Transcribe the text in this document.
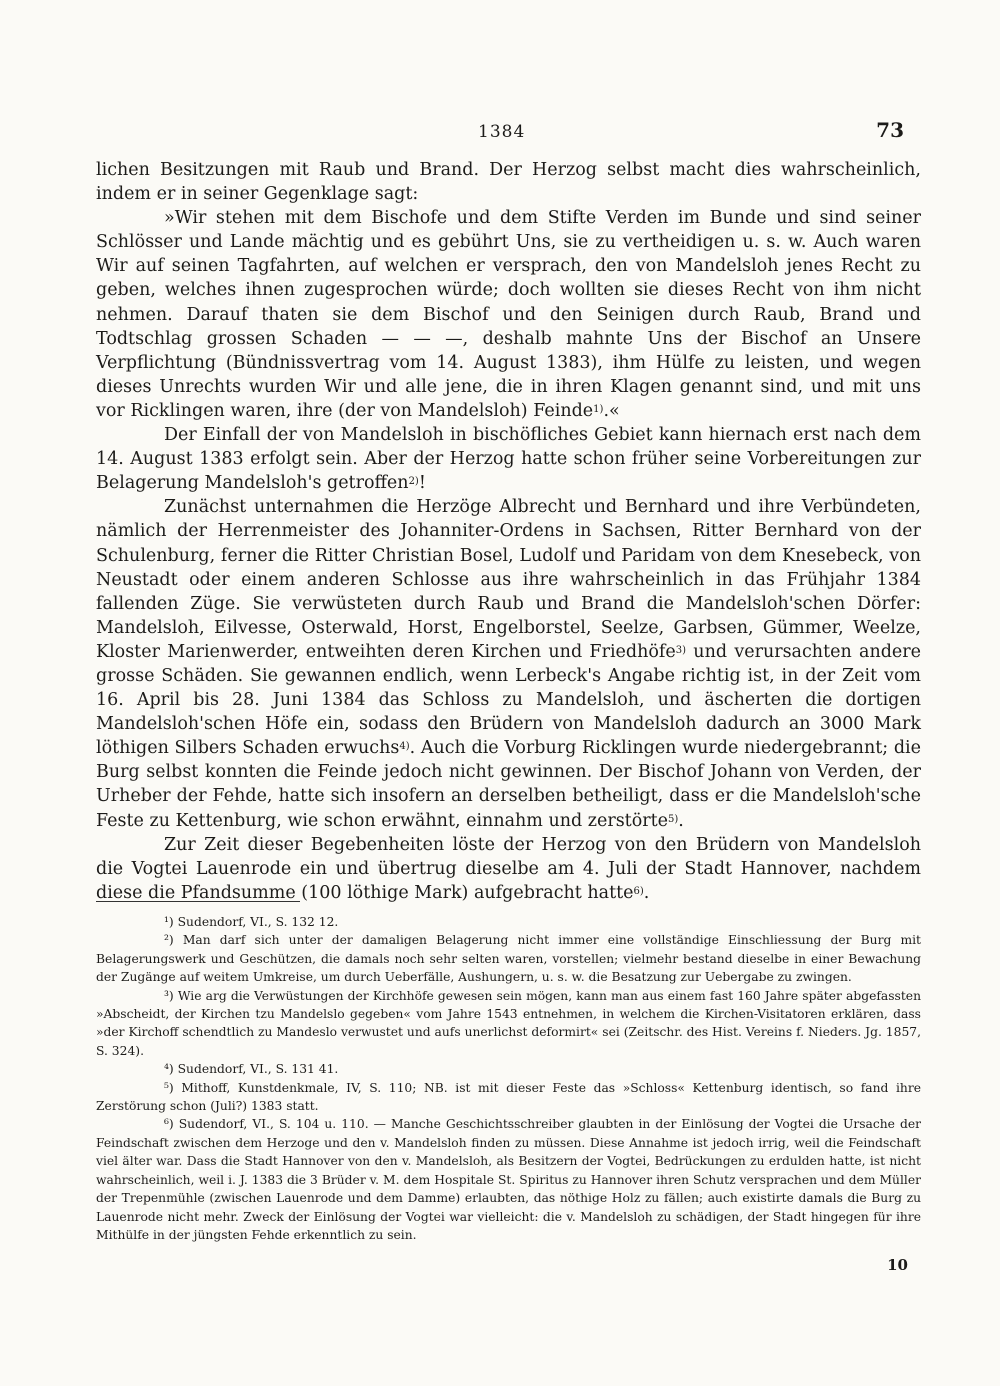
1384	73

lichen Besitzungen mit Raub und Brand. Der Herzog selbst macht dies wahrscheinlich, indem er in seiner Gegenklage sagt:

»Wir stehen mit dem Bischofe und dem Stifte Verden im Bunde und sind seiner Schlösser und Lande mächtig und es gebührt Uns, sie zu vertheidigen u. s. w. Auch waren Wir auf seinen Tagfahrten, auf welchen er versprach, den von Mandelsloh jenes Recht zu geben, welches ihnen zugesprochen würde; doch wollten sie dieses Recht von ihm nicht nehmen. Darauf thaten sie dem Bischof und den Seinigen durch Raub, Brand und Todtschlag grossen Schaden — — —, deshalb mahnte Uns der Bischof an Unsere Verpflichtung (Bündnissvertrag vom 14. August 1383), ihm Hülfe zu leisten, und wegen dieses Unrechts wurden Wir und alle jene, die in ihren Klagen genannt sind, und mit uns vor Ricklingen waren, ihre (der von Mandelsloh) Feinde$^{1)}$.«

Der Einfall der von Mandelsloh in bischöfliches Gebiet kann hiernach erst nach dem 14. August 1383 erfolgt sein. Aber der Herzog hatte schon früher seine Vorbereitungen zur Belagerung Mandelsloh's getroffen$^{2)}$!

Zunächst unternahmen die Herzöge Albrecht und Bernhard und ihre Verbündeten, nämlich der Herrenmeister des Johanniter-Ordens in Sachsen, Ritter Bernhard von der Schulenburg, ferner die Ritter Christian Bosel, Ludolf und Paridam von dem Knesebeck, von Neustadt oder einem anderen Schlosse aus ihre wahrscheinlich in das Frühjahr 1384 fallenden Züge. Sie verwüsteten durch Raub und Brand die Mandelsloh'schen Dörfer: Mandelsloh, Eilvesse, Osterwald, Horst, Engelborstel, Seelze, Garbsen, Gümmer, Weelze, Kloster Marienwerder, entweihten deren Kirchen und Friedhöfe$^{3)}$ und verursachten andere grosse Schäden. Sie gewannen endlich, wenn Lerbeck's Angabe richtig ist, in der Zeit vom 16. April bis 28. Juni 1384 das Schloss zu Mandelsloh, und äscherten die dortigen Mandelsloh'schen Höfe ein, sodass den Brüdern von Mandelsloh dadurch an 3000 Mark löthigen Silbers Schaden erwuchs$^{4)}$. Auch die Vorburg Ricklingen wurde niedergebrannt; die Burg selbst konnten die Feinde jedoch nicht gewinnen. Der Bischof Johann von Verden, der Urheber der Fehde, hatte sich insofern an derselben betheiligt, dass er die Mandelsloh'sche Feste zu Kettenburg, wie schon erwähnt, einnahm und zerstörte$^{5)}$.

Zur Zeit dieser Begebenheiten löste der Herzog von den Brüdern von Mandelsloh die Vogtei Lauenrode ein und übertrug dieselbe am 4. Juli der Stadt Hannover, nachdem diese die Pfandsumme (100 löthige Mark) aufgebracht hatte$^{6)}$.

¹) Sudendorf, VI., S. 132 12.

²) Man darf sich unter der damaligen Belagerung nicht immer eine vollständige Einschliessung der Burg mit Belagerungswerk und Geschützen, die damals noch sehr selten waren, vorstellen; vielmehr bestand dieselbe in einer Bewachung der Zugänge auf weitem Umkreise, um durch Ueberfälle, Aushungern, u. s. w. die Besatzung zur Uebergabe zu zwingen.

³) Wie arg die Verwüstungen der Kirchhöfe gewesen sein mögen, kann man aus einem fast 160 Jahre später abgefassten »Abscheidt, der Kirchen tzu Mandelslo gegeben« vom Jahre 1543 entnehmen, in welchem die Kirchen-Visitatoren erklären, dass »der Kirchoff schendtlich zu Mandeslo verwustet und aufs unerlichst deformirt« sei (Zeitschr. des Hist. Vereins f. Nieders. Jg. 1857, S. 324).

⁴) Sudendorf, VI., S. 131 41.

⁵) Mithoff, Kunstdenkmale, IV, S. 110; NB. ist mit dieser Feste das »Schloss« Kettenburg identisch, so fand ihre Zerstörung schon (Juli?) 1383 statt.

⁶) Sudendorf, VI., S. 104 u. 110. — Manche Geschichtsschreiber glaubten in der Einlösung der Vogtei die Ursache der Feindschaft zwischen dem Herzoge und den v. Mandelsloh finden zu müssen. Diese Annahme ist jedoch irrig, weil die Feindschaft viel älter war. Dass die Stadt Hannover von den v. Mandelsloh, als Besitzern der Vogtei, Bedrückungen zu erdulden hatte, ist nicht wahrscheinlich, weil i. J. 1383 die 3 Brüder v. M. dem Hospitale St. Spiritus zu Hannover ihren Schutz versprachen und dem Müller der Trepenmühle (zwischen Lauenrode und dem Damme) erlaubten, das nöthige Holz zu fällen; auch existirte damals die Burg zu Lauenrode nicht mehr. Zweck der Einlösung der Vogtei war vielleicht: die v. Mandelsloh zu schädigen, der Stadt hingegen für ihre Mithülfe in der jüngsten Fehde erkenntlich zu sein.

10
